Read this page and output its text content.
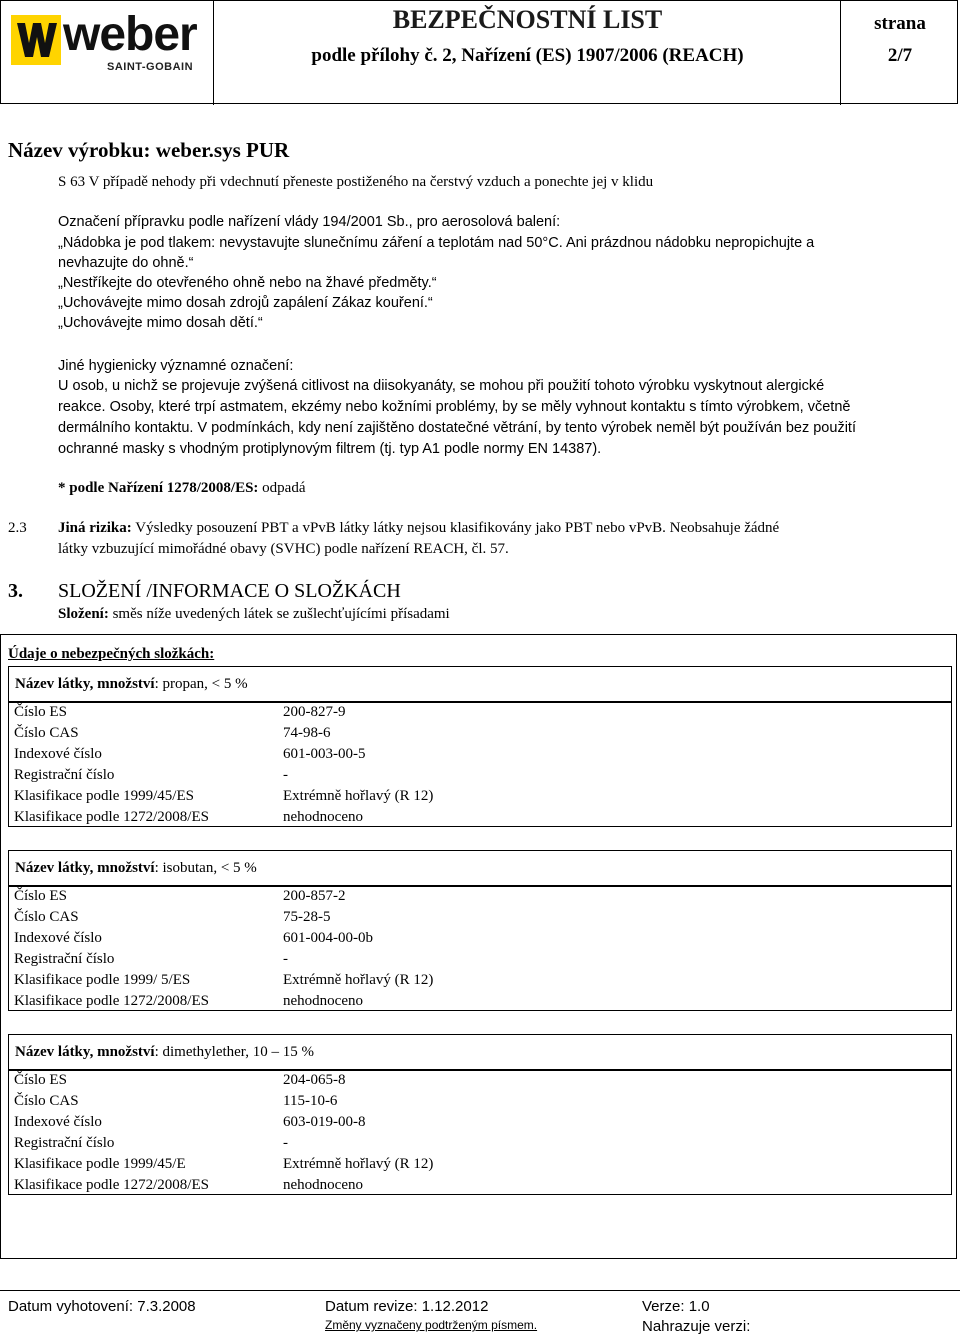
weber
SAINT-GOBAIN
BEZPEČNOSTNÍ LIST
podle přílohy č. 2, Nařízení (ES) 1907/2006 (REACH)
strana
2/7
Název výrobku: weber.sys PUR
S 63 V případě nehody při vdechnutí přeneste postiženého na čerstvý vzduch a ponechte jej v klidu
Označení přípravku podle nařízení vlády 194/2001 Sb., pro aerosolová balení:
„Nádobka je pod tlakem: nevystavujte slunečnímu záření a teplotám nad 50°C. Ani prázdnou nádobku nepropichujte a
nevhazujte do ohně.“
„Nestříkejte do otevřeného ohně nebo na žhavé předměty.“
„Uchovávejte mimo dosah zdrojů zapálení Zákaz kouření.“
„Uchovávejte mimo dosah dětí.“
Jiné hygienicky významné označení:
U osob, u nichž se projevuje zvýšená citlivost na diisokyanáty, se mohou při použití tohoto výrobku vyskytnout alergické
reakce. Osoby, které trpí astmatem, ekzémy nebo kožními problémy, by se měly vyhnout kontaktu s tímto výrobkem, včetně
dermálního kontaktu. V podmínkách, kdy není zajištěno dostatečné větrání, by tento výrobek neměl být používán bez použití
ochranné masky s vhodným protiplynovým filtrem (tj. typ A1 podle normy EN 14387).
* podle Nařízení 1278/2008/ES: odpadá
2.3 Jiná rizika: Výsledky posouzení PBT a vPvB látky látky nejsou klasifikovány jako PBT nebo vPvB. Neobsahuje žádné
látky vzbuzující mimořádné obavy (SVHC) podle nařízení REACH, čl. 57.
3. SLOŽENÍ /INFORMACE O SLOŽKÁCH
Složení: směs níže uvedených látek se zušlechťujícími přísadami
Údaje o nebezpečných složkách:
Název látky, množství: propan, < 5 %
Číslo ES	200-827-9
Číslo CAS	74-98-6
Indexové číslo	601-003-00-5
Registrační číslo	-
Klasifikace podle 1999/45/ES	Extrémně hořlavý (R 12)
Klasifikace podle 1272/2008/ES	nehodnoceno
Název látky, množství: isobutan, < 5 %
Číslo ES	200-857-2
Číslo CAS	75-28-5
Indexové číslo	601-004-00-0b
Registrační číslo	-
Klasifikace podle 1999/ 5/ES	Extrémně hořlavý (R 12)
Klasifikace podle 1272/2008/ES	nehodnoceno
Název látky, množství: dimethylether, 10 – 15 %
Číslo ES	204-065-8
Číslo CAS	115-10-6
Indexové číslo	603-019-00-8
Registrační číslo	-
Klasifikace podle 1999/45/E	Extrémně hořlavý (R 12)
Klasifikace podle 1272/2008/ES	nehodnoceno
Datum vyhotovení: 7.3.2008	Datum revize: 1.12.2012	Verze: 1.0
Změny vyznačeny podtrženým písmem.	Nahrazuje verzi:
